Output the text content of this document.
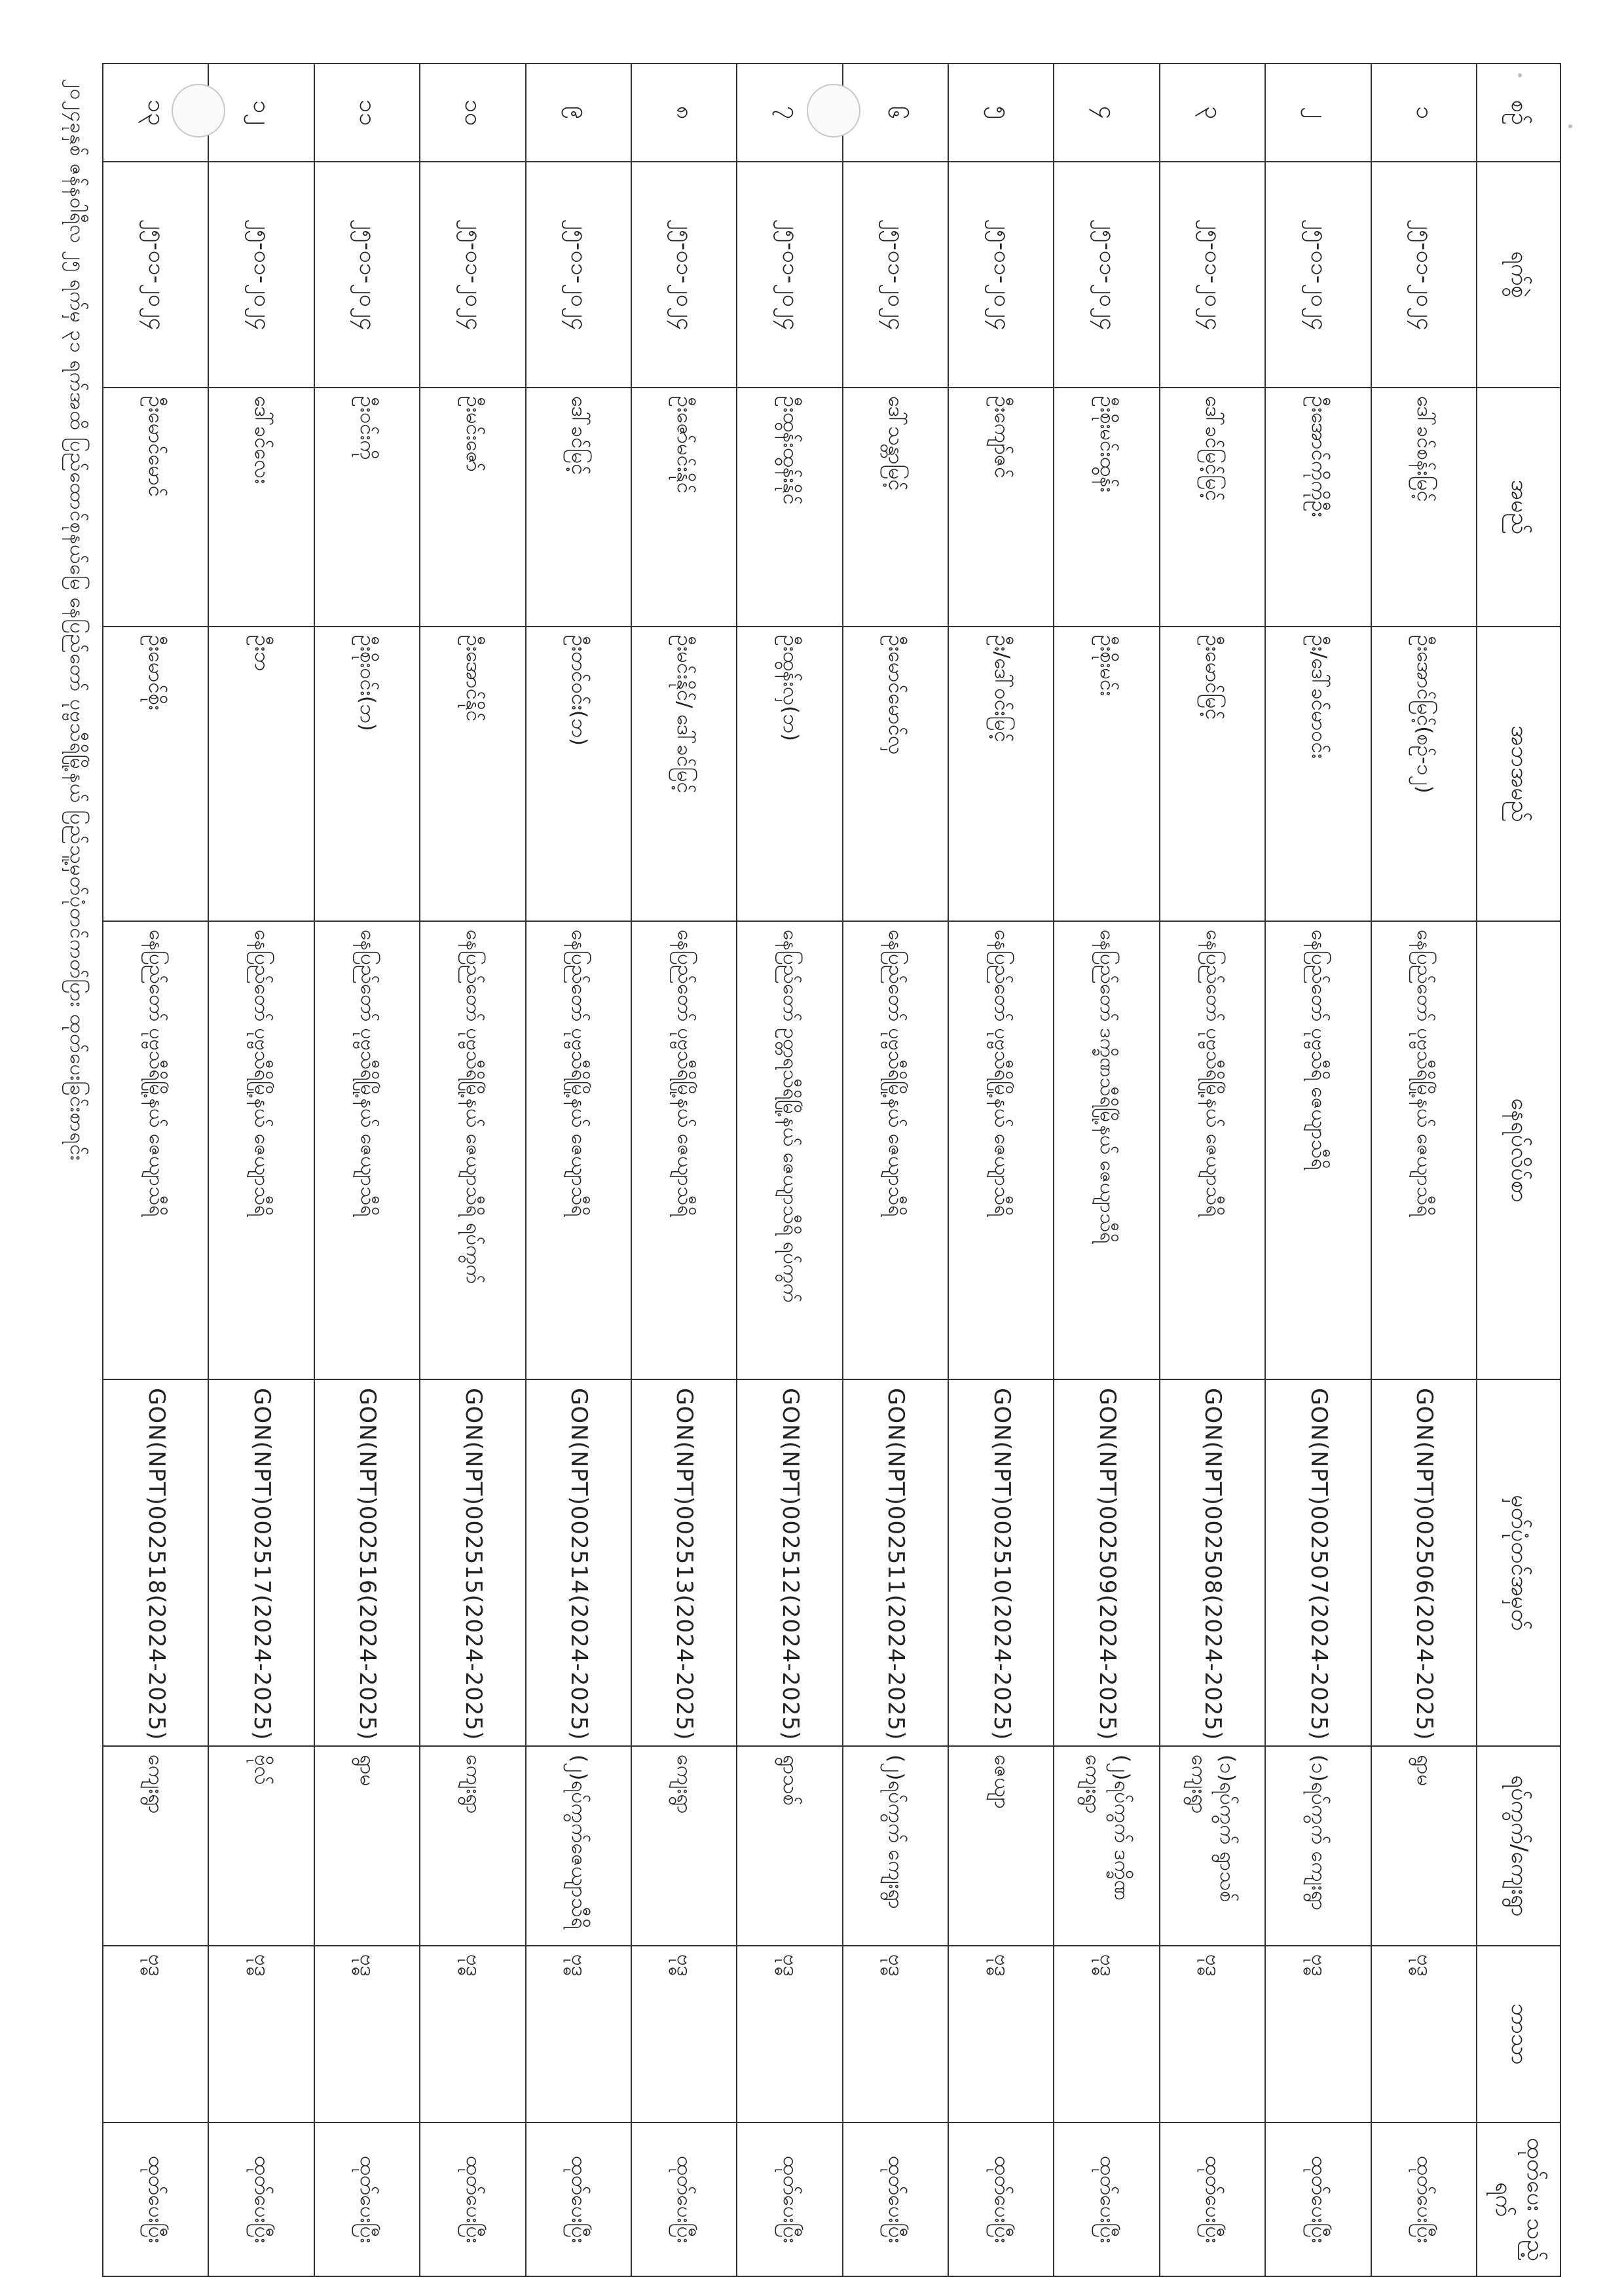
၂၀၂၄ခုနှစ် ဇန်နဝါရီလ ၂၅ ရက်မှ ၃၁ ရက်အထိ ပြည်ထောင်စုနယ်မြေ နေပြည်တော် ပုဗ္ဗသီရိမြို့နယ် ပြည်သူ့မှတ်ပုံတင်ကတ်ပြား ထုတ်ပေးခြင်းစာရင်း	စဉ်	ရက်စွဲ	အမည်	အဘအမည်	နေရပ်လိပ်စာ	မှတ်ပုံတင်အမှတ်	ရပ်ကွက်/ကျေးရွာ	ဘာသာ	ထုတ်ပေး သည့်ရက်
၁	၂၅-၀၁-၂၀၂၄	ဒေါ်ခင်စန်းမြင့်	ဦးအောင်မြင့်(စဉ်-၁၂)	နေပြည်တော် ပုဗ္ဗသီရိမြို့နယ် ဇေယျာသီရိ	GON(NPT)002506(2024-2025)	ရွာမ	ဗုဒ္ဓ	ထုတ်ပေးပြီး
၂	၂၅-၀၁-၂၀၂၄	ဦးအောင်ကိုကိုဦး	ဦး/ဒေါ်ခင်မာဝင်း	နေပြည်တော် ပုဗ္ဗသီရိ ဇေယျာသီရိ	GON(NPT)002507(2024-2025)	(၁)ရပ်ကွက် ကျေးရွာ	ဗုဒ္ဓ	ထုတ်ပေးပြီး
၃	၂၅-၀၁-၂၀၂၄	ဒေါ်ခင်မြင့်မြင့်	ဦးမောင်မြင့်	နေပြည်တော် ပုဗ္ဗသီရိမြို့နယ် ဇေယျာသီရိ	GON(NPT)002508(2024-2025)	(၁)ရပ်ကွက် ရွာသစ်ကျေးရွာ	ဗုဒ္ဓ	ထုတ်ပေးပြီး
၄	၂၅-၀၁-၂၀၂၄	ဦးစိုးမင်းထွန်း	ဦးစိုးမင်း	နေပြည်တော် ဒက္ခိဏသီရိမြို့နယ် ဇေယျာသီရိ	GON(NPT)002509(2024-2025)	(၂)ရပ်ကွက် ဒက္ခိဏ ကျေးရွာ	ဗုဒ္ဓ	ထုတ်ပေးပြီး
၅	၂၅-၀၁-၂၀၂၄	ဦးကျော်ဇင်	ဦး/ဒေါ်ဝင်းမြင့်	နေပြည်တော် ပုဗ္ဗသီရိမြို့နယ် ဇေယျာသီရိ	GON(NPT)002510(2024-2025)	ဇေယျာ	ဗုဒ္ဓ	ထုတ်ပေးပြီး
၆	၂၅-၀၁-၂၀၂၄	ဒေါ်သန္တာမြင့်	ဦးမောင်မောင်လှ	နေပြည်တော် ပုဗ္ဗသီရိမြို့နယ် ဇေယျာသီရိ	GON(NPT)002511(2024-2025)	(၂)ရပ်ကွက် ကျေးရွာ	ဗုဒ္ဓ	ထုတ်ပေးပြီး
၇	၂၅-၀၁-၂၀၂၄	ဦးထွန်းထွန်းနိုင်	ဦးထွန်းလှ(ဘ)	နေပြည်တော် ဥတ္တရသီရိမြို့နယ် ဇေယျာသီရိ ရပ်ကွက်	GON(NPT)002512(2024-2025)	ရွာသစ်	ဗုဒ္ဓ	ထုတ်ပေးပြီး
၈	၂၅-၀၁-၂၀၂၄	ဦးဇော်မင်းနိုင်	ဦးမင်းနိုင်/ ဒေါ်ခင်မြင့်	နေပြည်တော် ပုဗ္ဗသီရိမြို့နယ် ဇေယျာသီရိ	GON(NPT)002513(2024-2025)	ကျေးရွာ	ဗုဒ္ဓ	ထုတ်ပေးပြီး
၉	၂၅-၀၁-၂၀၂၄	ဒေါ်ခင်မြင့်	ဦးတင်ဝင်း(ဘ)	နေပြည်တော် ပုဗ္ဗသီရိမြို့နယ် ဇေယျာသီရိ	GON(NPT)002514(2024-2025)	(၂)ရပ်ကွက်ဇေယျာသီရိ	ဗုဒ္ဓ	ထုတ်ပေးပြီး
၁၀	၂၅-၀၁-၂၀၂၄	ဦးမင်းဇော်	ဦးအောင်နိုင်	နေပြည်တော် ပုဗ္ဗသီရိမြို့နယ် ဇေယျာသီရိ ရပ်ကွက်	GON(NPT)002515(2024-2025)	ကျေးရွာ	ဗုဒ္ဓ	ထုတ်ပေးပြီး
၁၁	၂၅-၀၁-၂၀၂၄	ဦးဝင်းကို	ဦးစိုးဝင်း(ဘ)	နေပြည်တော် ပုဗ္ဗသီရိမြို့နယ် ဇေယျာသီရိ	GON(NPT)002516(2024-2025)	ရွာမ	ဗုဒ္ဓ	ထုတ်ပေးပြီး
၁၂	၂၅-၀၁-၂၀၂၄	ဒေါ်ခင်လေး	ဦးဘ	နေပြည်တော် ပုဗ္ဗသီရိမြို့နယ် ဇေယျာသီရိ	GON(NPT)002517(2024-2025)	ဗိုလ်	ဗုဒ္ဓ	ထုတ်ပေးပြီး
၁၃	၂၅-၀၁-၂၀၂၄	ဦးမောင်မောင်	ဦးမောင်စိုး	နေပြည်တော် ပုဗ္ဗသီရိမြို့နယ် ဇေယျာသီရိ	GON(NPT)002518(2024-2025)	ကျေးရွာ	ဗုဒ္ဓ	ထုတ်ပေးပြီး
